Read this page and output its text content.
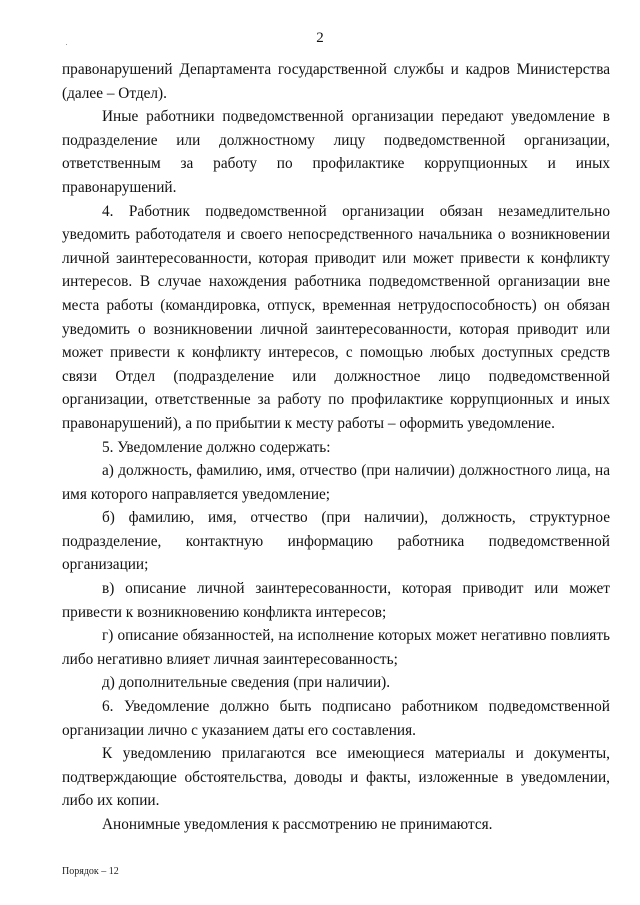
2

правонарушений Департамента государственной службы и кадров Министерства (далее – Отдел).

Иные работники подведомственной организации передают уведомление в подразделение или должностному лицу подведомственной организации, ответственным за работу по профилактике коррупционных и иных правонарушений.

4. Работник подведомственной организации обязан незамедлительно уведомить работодателя и своего непосредственного начальника о возникновении личной заинтересованности, которая приводит или может привести к конфликту интересов. В случае нахождения работника подведомственной организации вне места работы (командировка, отпуск, временная нетрудоспособность) он обязан уведомить о возникновении личной заинтересованности, которая приводит или может привести к конфликту интересов, с помощью любых доступных средств связи Отдел (подразделение или должностное лицо подведомственной организации, ответственные за работу по профилактике коррупционных и иных правонарушений), а по прибытии к месту работы – оформить уведомление.

5. Уведомление должно содержать:

а) должность, фамилию, имя, отчество (при наличии) должностного лица, на имя которого направляется уведомление;

б) фамилию, имя, отчество (при наличии), должность, структурное подразделение, контактную информацию работника подведомственной организации;

в) описание личной заинтересованности, которая приводит или может привести к возникновению конфликта интересов;

г) описание обязанностей, на исполнение которых может негативно повлиять либо негативно влияет личная заинтересованность;

д) дополнительные сведения (при наличии).

6. Уведомление должно быть подписано работником подведомственной организации лично с указанием даты его составления.

К уведомлению прилагаются все имеющиеся материалы и документы, подтверждающие обстоятельства, доводы и факты, изложенные в уведомлении, либо их копии.

Анонимные уведомления к рассмотрению не принимаются.

Порядок – 12
